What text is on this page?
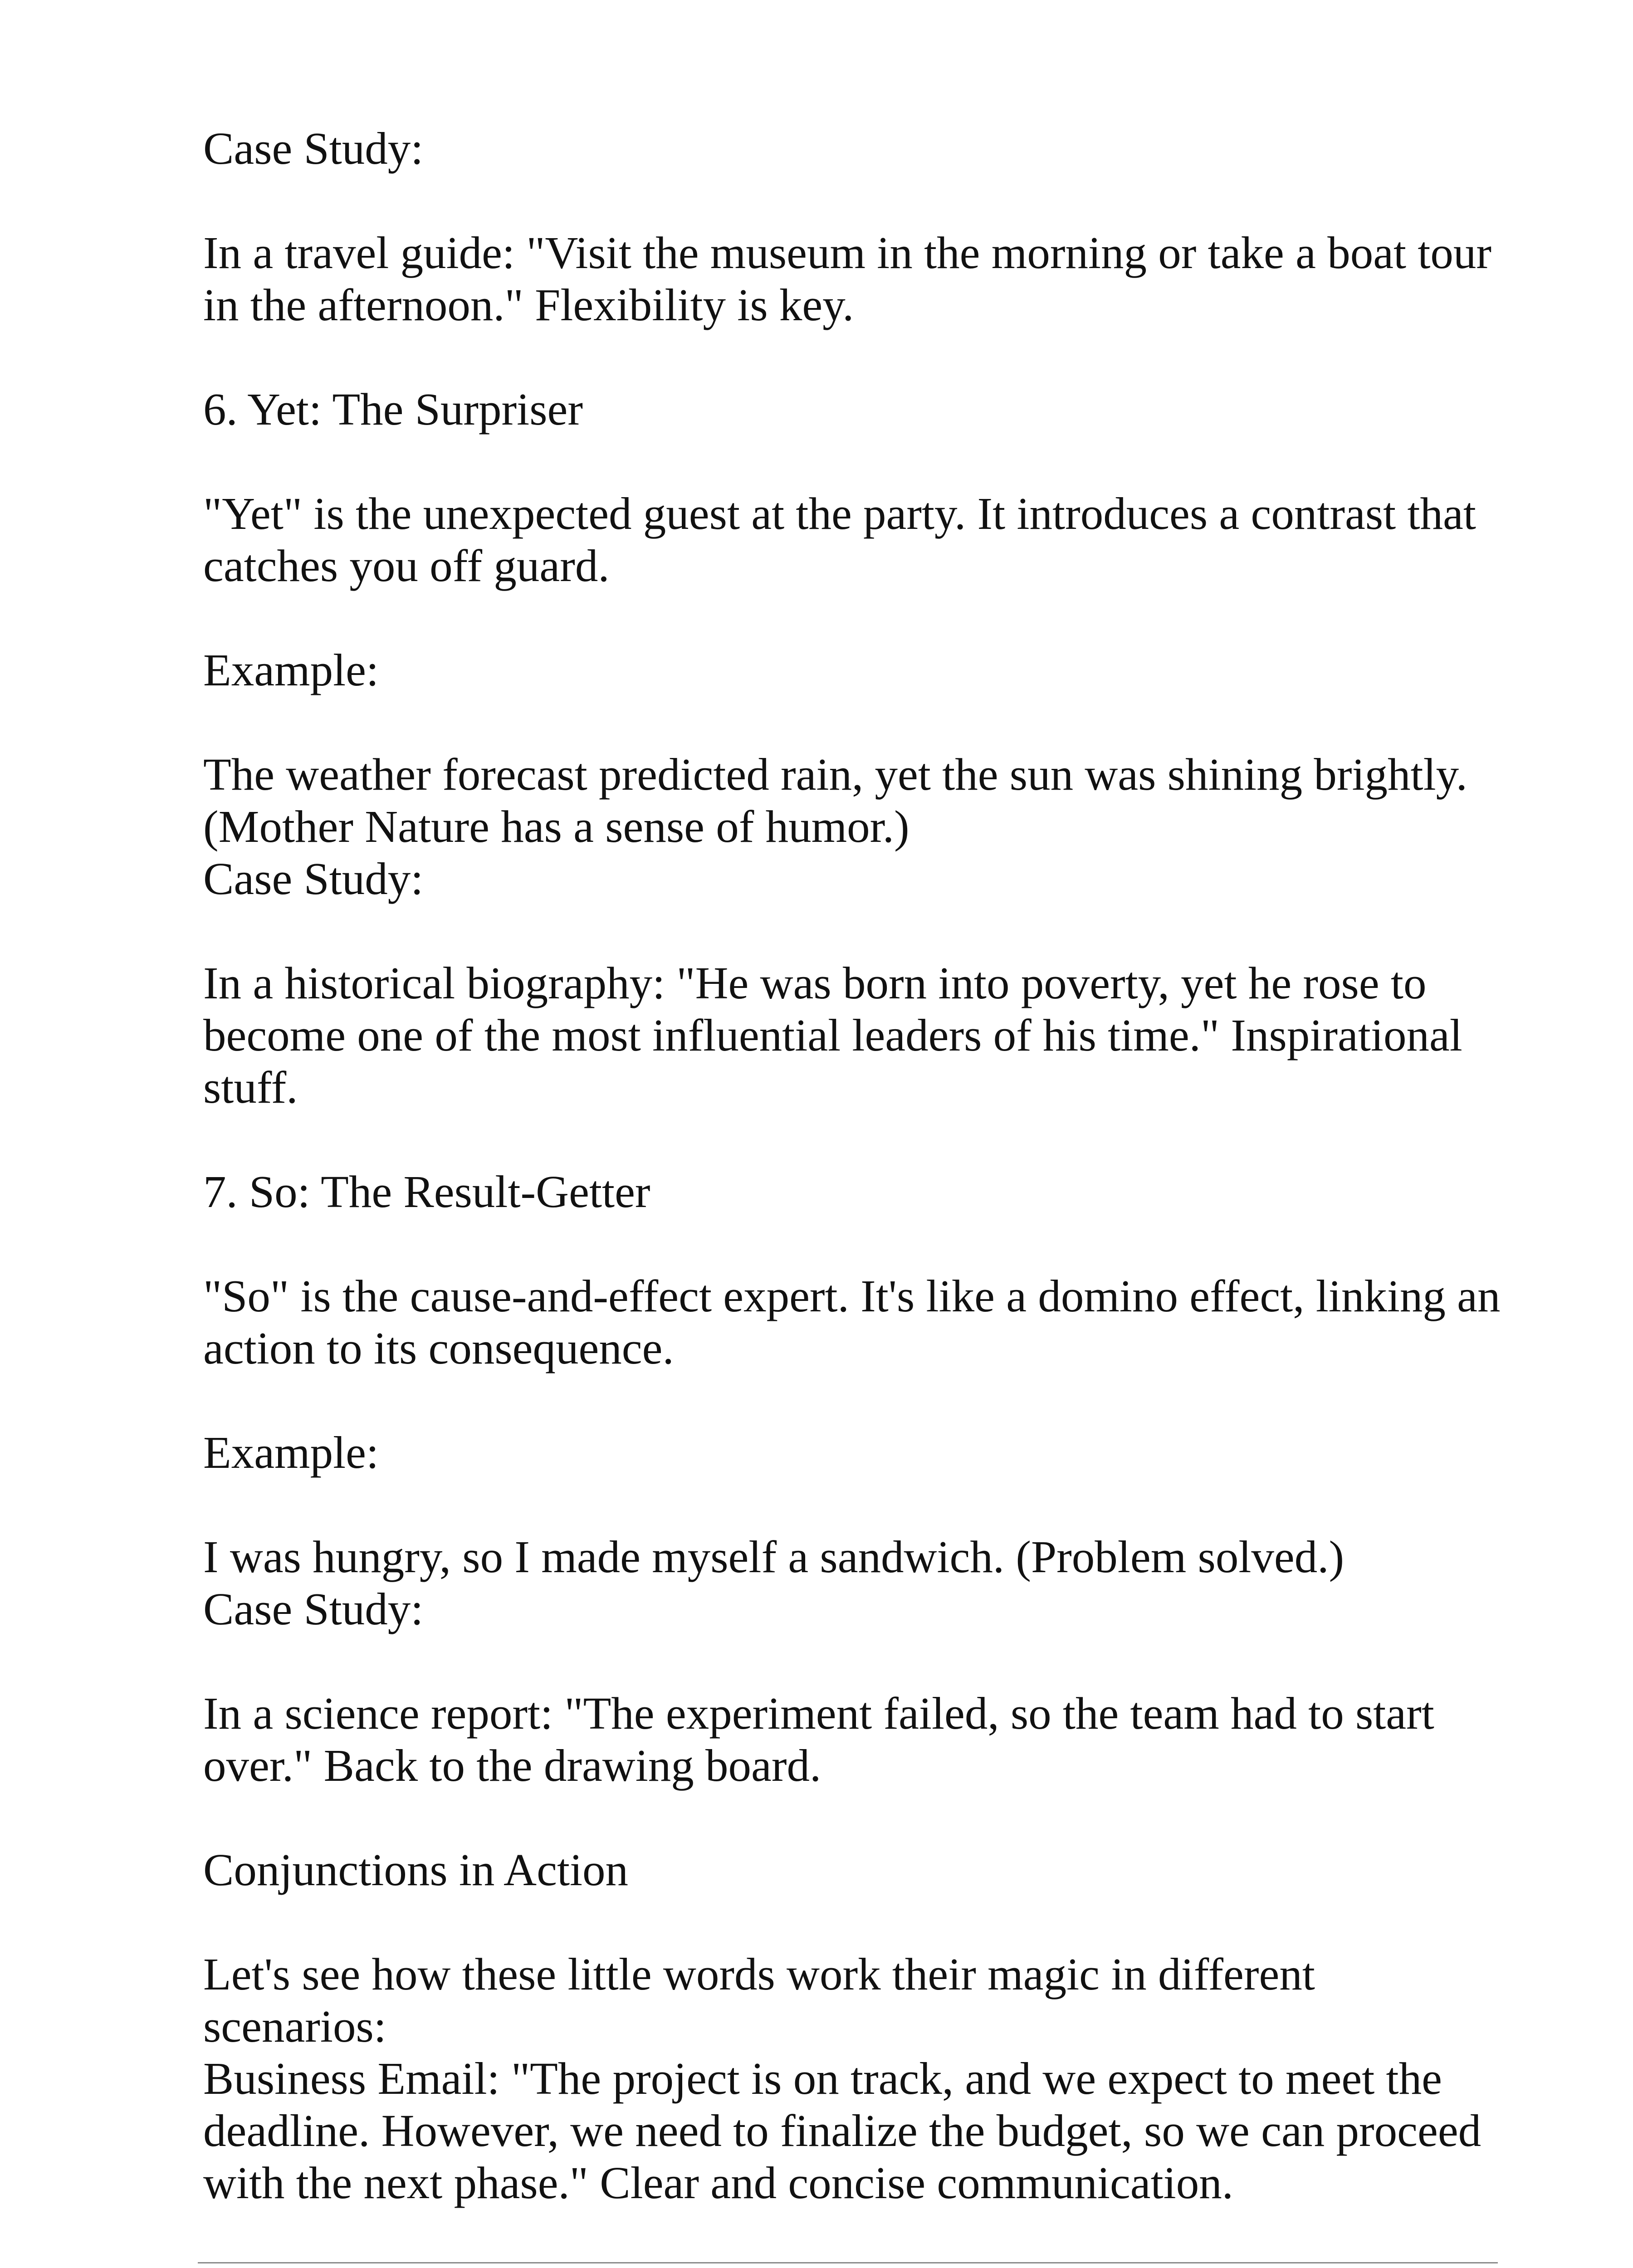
Case Study:
In a travel guide: "Visit the museum in the morning or take a boat tour
in the afternoon." Flexibility is key.
6. Yet: The Surpriser
"Yet" is the unexpected guest at the party. It introduces a contrast that
catches you off guard.
Example:
The weather forecast predicted rain, yet the sun was shining brightly.
(Mother Nature has a sense of humor.)
Case Study:
In a historical biography: "He was born into poverty, yet he rose to
become one of the most influential leaders of his time." Inspirational
stuff.
7. So: The Result-Getter
"So" is the cause-and-effect expert. It's like a domino effect, linking an
action to its consequence.
Example:
I was hungry, so I made myself a sandwich. (Problem solved.)
Case Study:
In a science report: "The experiment failed, so the team had to start
over." Back to the drawing board.
Conjunctions in Action
Let's see how these little words work their magic in different
scenarios:
Business Email: "The project is on track, and we expect to meet the
deadline. However, we need to finalize the budget, so we can proceed
with the next phase." Clear and concise communication.
